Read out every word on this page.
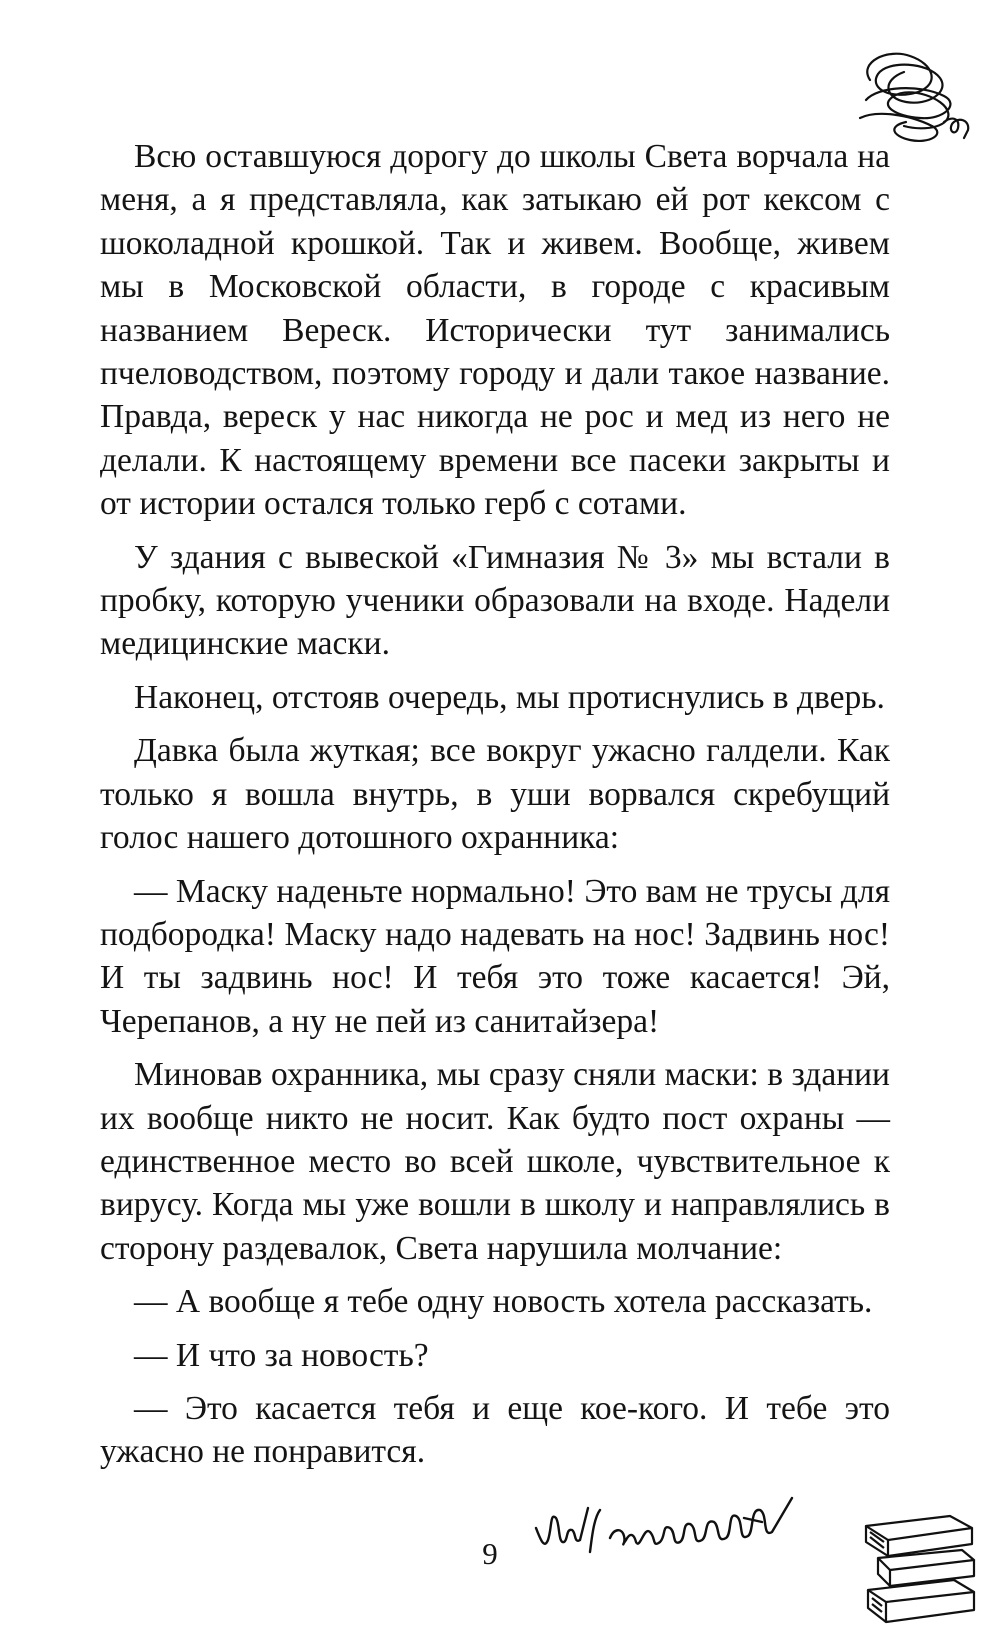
Всю оставшуюся дорогу до школы Света ворчала на меня, а я представляла, как затыкаю ей рот кексом с шоколадной крошкой. Так и живем. Вообще, живем мы в Московской области, в городе с красивым названием Вереск. Исторически тут занимались пчеловодством, поэтому городу и дали такое название. Правда, вереск у нас никогда не рос и мед из него не делали. К настоящему времени все пасеки закрыты и от истории остался только герб с сотами.

У здания с вывеской «Гимназия № 3» мы встали в пробку, которую ученики образовали на входе. Надели медицинские маски.

Наконец, отстояв очередь, мы протиснулись в дверь.

Давка была жуткая; все вокруг ужасно галдели. Как только я вошла внутрь, в уши ворвался скребущий голос нашего дотошного охранника:

— Маску наденьте нормально! Это вам не трусы для подбородка! Маску надо надевать на нос! Задвинь нос! И ты задвинь нос! И тебя это тоже касается! Эй, Черепанов, а ну не пей из санитайзера!

Миновав охранника, мы сразу сняли маски: в здании их вообще никто не носит. Как будто пост охраны — единственное место во всей школе, чувствительное к вирусу. Когда мы уже вошли в школу и направлялись в сторону раздевалок, Света нарушила молчание:

— А вообще я тебе одну новость хотела рассказать.

— И что за новость?

— Это касается тебя и еще кое-кого. И тебе это ужасно не понравится.

9
